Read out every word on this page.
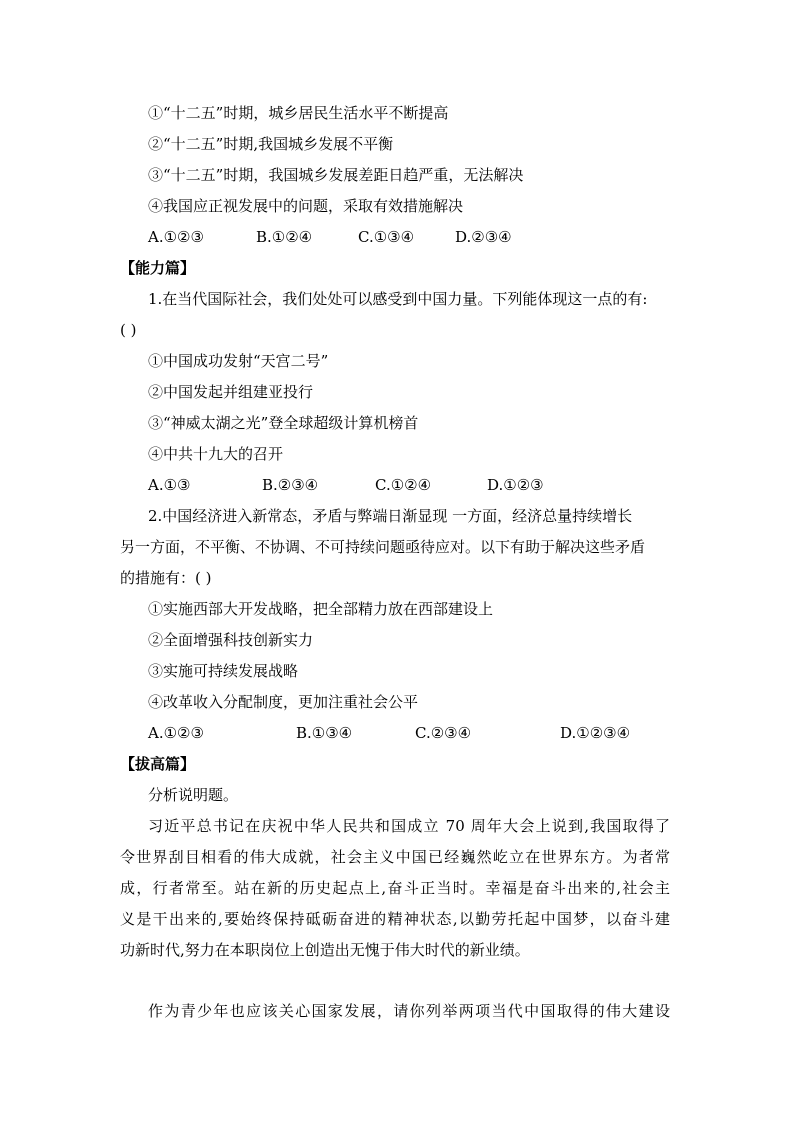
①“十二五”时期，城乡居民生活水平不断提高
②“十二五”时期,我国城乡发展不平衡
③“十二五”时期，我国城乡发展差距日趋严重，无法解决
④我国应正视发展中的问题，采取有效措施解决
A.①②③	B.①②④	C.①③④	D.②③④
【能力篇】
1.在当代国际社会，我们处处可以感受到中国力量。下列能体现这一点的有:
( )
①中国成功发射“天宫二号”
②中国发起并组建亚投行
③“神威太湖之光”登全球超级计算机榜首
④中共十九大的召开
A.①③	B.②③④	C.①②④	D.①②③
2.中国经济进入新常态，矛盾与弊端日渐显现 一方面，经济总量持续增长
另一方面，不平衡、不协调、不可持续问题亟待应对。以下有助于解决这些矛盾
的措施有：( )
①实施西部大开发战略，把全部精力放在西部建设上
②全面增强科技创新实力
③实施可持续发展战略
④改革收入分配制度，更加注重社会公平
A.①②③	B.①③④	C.②③④	D.①②③④
【拔高篇】
分析说明题。
习近平总书记在庆祝中华人民共和国成立 70 周年大会上说到,我国取得了
令世界刮目相看的伟大成就，社会主义中国已经巍然屹立在世界东方。为者常
成，行者常至。站在新的历史起点上,奋斗正当时。幸福是奋斗出来的,社会主
义是干出来的,要始终保持砥砺奋进的精神状态,以勤劳托起中国梦，以奋斗建
功新时代,努力在本职岗位上创造出无愧于伟大时代的新业绩。
作为青少年也应该关心国家发展，请你列举两项当代中国取得的伟大建设
